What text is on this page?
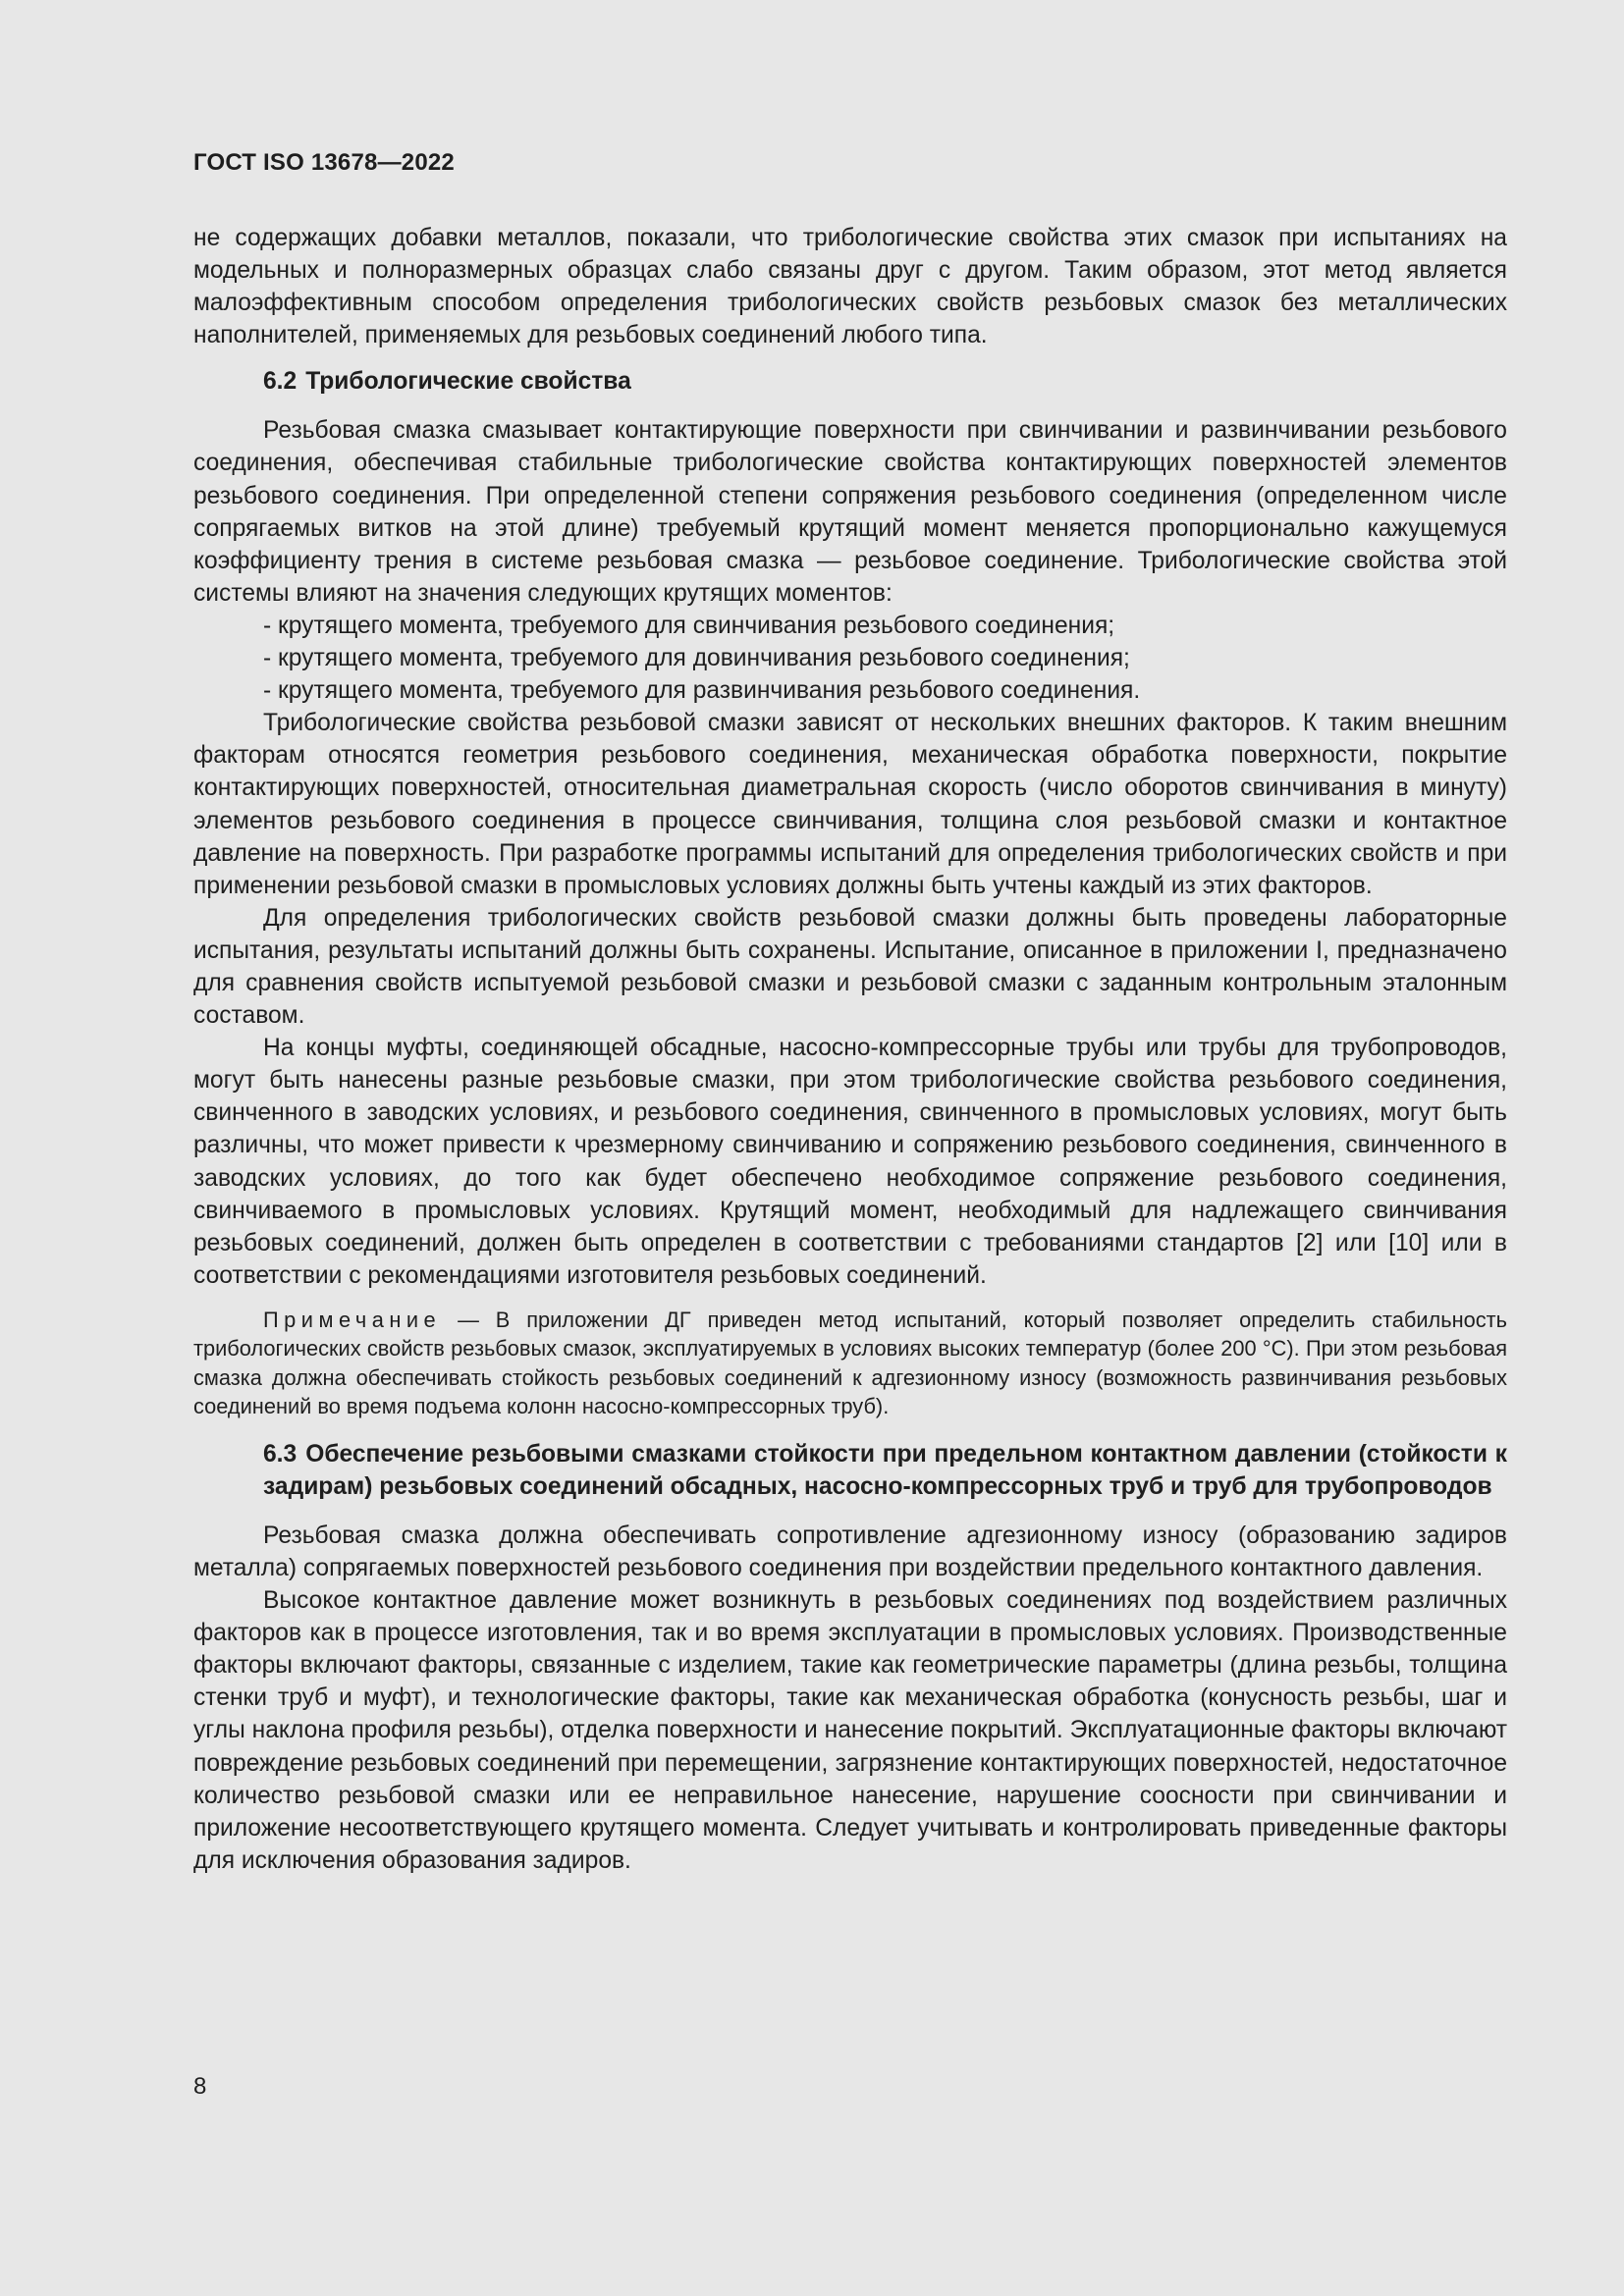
ГОСТ ISO 13678—2022

не содержащих добавки металлов, показали, что трибологические свойства этих смазок при испытаниях на модельных и полноразмерных образцах слабо связаны друг с другом. Таким образом, этот метод является малоэффективным способом определения трибологических свойств резьбовых смазок без металлических наполнителей, применяемых для резьбовых соединений любого типа.

6.2 Трибологические свойства

Резьбовая смазка смазывает контактирующие поверхности при свинчивании и развинчивании резьбового соединения, обеспечивая стабильные трибологические свойства контактирующих поверхностей элементов резьбового соединения. При определенной степени сопряжения резьбового соединения (определенном числе сопрягаемых витков на этой длине) требуемый крутящий момент меняется пропорционально кажущемуся коэффициенту трения в системе резьбовая смазка — резьбовое соединение. Трибологические свойства этой системы влияют на значения следующих крутящих моментов:

- крутящего момента, требуемого для свинчивания резьбового соединения;
- крутящего момента, требуемого для довинчивания резьбового соединения;
- крутящего момента, требуемого для развинчивания резьбового соединения.

Трибологические свойства резьбовой смазки зависят от нескольких внешних факторов. К таким внешним факторам относятся геометрия резьбового соединения, механическая обработка поверхности, покрытие контактирующих поверхностей, относительная диаметральная скорость (число оборотов свинчивания в минуту) элементов резьбового соединения в процессе свинчивания, толщина слоя резьбовой смазки и контактное давление на поверхность. При разработке программы испытаний для определения трибологических свойств и при применении резьбовой смазки в промысловых условиях должны быть учтены каждый из этих факторов.

Для определения трибологических свойств резьбовой смазки должны быть проведены лабораторные испытания, результаты испытаний должны быть сохранены. Испытание, описанное в приложении I, предназначено для сравнения свойств испытуемой резьбовой смазки и резьбовой смазки с заданным контрольным эталонным составом.

На концы муфты, соединяющей обсадные, насосно-компрессорные трубы или трубы для трубопроводов, могут быть нанесены разные резьбовые смазки, при этом трибологические свойства резьбового соединения, свинченного в заводских условиях, и резьбового соединения, свинченного в промысловых условиях, могут быть различны, что может привести к чрезмерному свинчиванию и сопряжению резьбового соединения, свинченного в заводских условиях, до того как будет обеспечено необходимое сопряжение резьбового соединения, свинчиваемого в промысловых условиях. Крутящий момент, необходимый для надлежащего свинчивания резьбовых соединений, должен быть определен в соответствии с требованиями стандартов [2] или [10] или в соответствии с рекомендациями изготовителя резьбовых соединений.

Примечание — В приложении ДГ приведен метод испытаний, который позволяет определить стабильность трибологических свойств резьбовых смазок, эксплуатируемых в условиях высоких температур (более 200 °С). При этом резьбовая смазка должна обеспечивать стойкость резьбовых соединений к адгезионному износу (возможность развинчивания резьбовых соединений во время подъема колонн насосно-компрессорных труб).

6.3 Обеспечение резьбовыми смазками стойкости при предельном контактном давлении (стойкости к задирам) резьбовых соединений обсадных, насосно-компрессорных труб и труб для трубопроводов

Резьбовая смазка должна обеспечивать сопротивление адгезионному износу (образованию задиров металла) сопрягаемых поверхностей резьбового соединения при воздействии предельного контактного давления.

Высокое контактное давление может возникнуть в резьбовых соединениях под воздействием различных факторов как в процессе изготовления, так и во время эксплуатации в промысловых условиях. Производственные факторы включают факторы, связанные с изделием, такие как геометрические параметры (длина резьбы, толщина стенки труб и муфт), и технологические факторы, такие как механическая обработка (конусность резьбы, шаг и углы наклона профиля резьбы), отделка поверхности и нанесение покрытий. Эксплуатационные факторы включают повреждение резьбовых соединений при перемещении, загрязнение контактирующих поверхностей, недостаточное количество резьбовой смазки или ее неправильное нанесение, нарушение соосности при свинчивании и приложение несоответствующего крутящего момента. Следует учитывать и контролировать приведенные факторы для исключения образования задиров.

8
